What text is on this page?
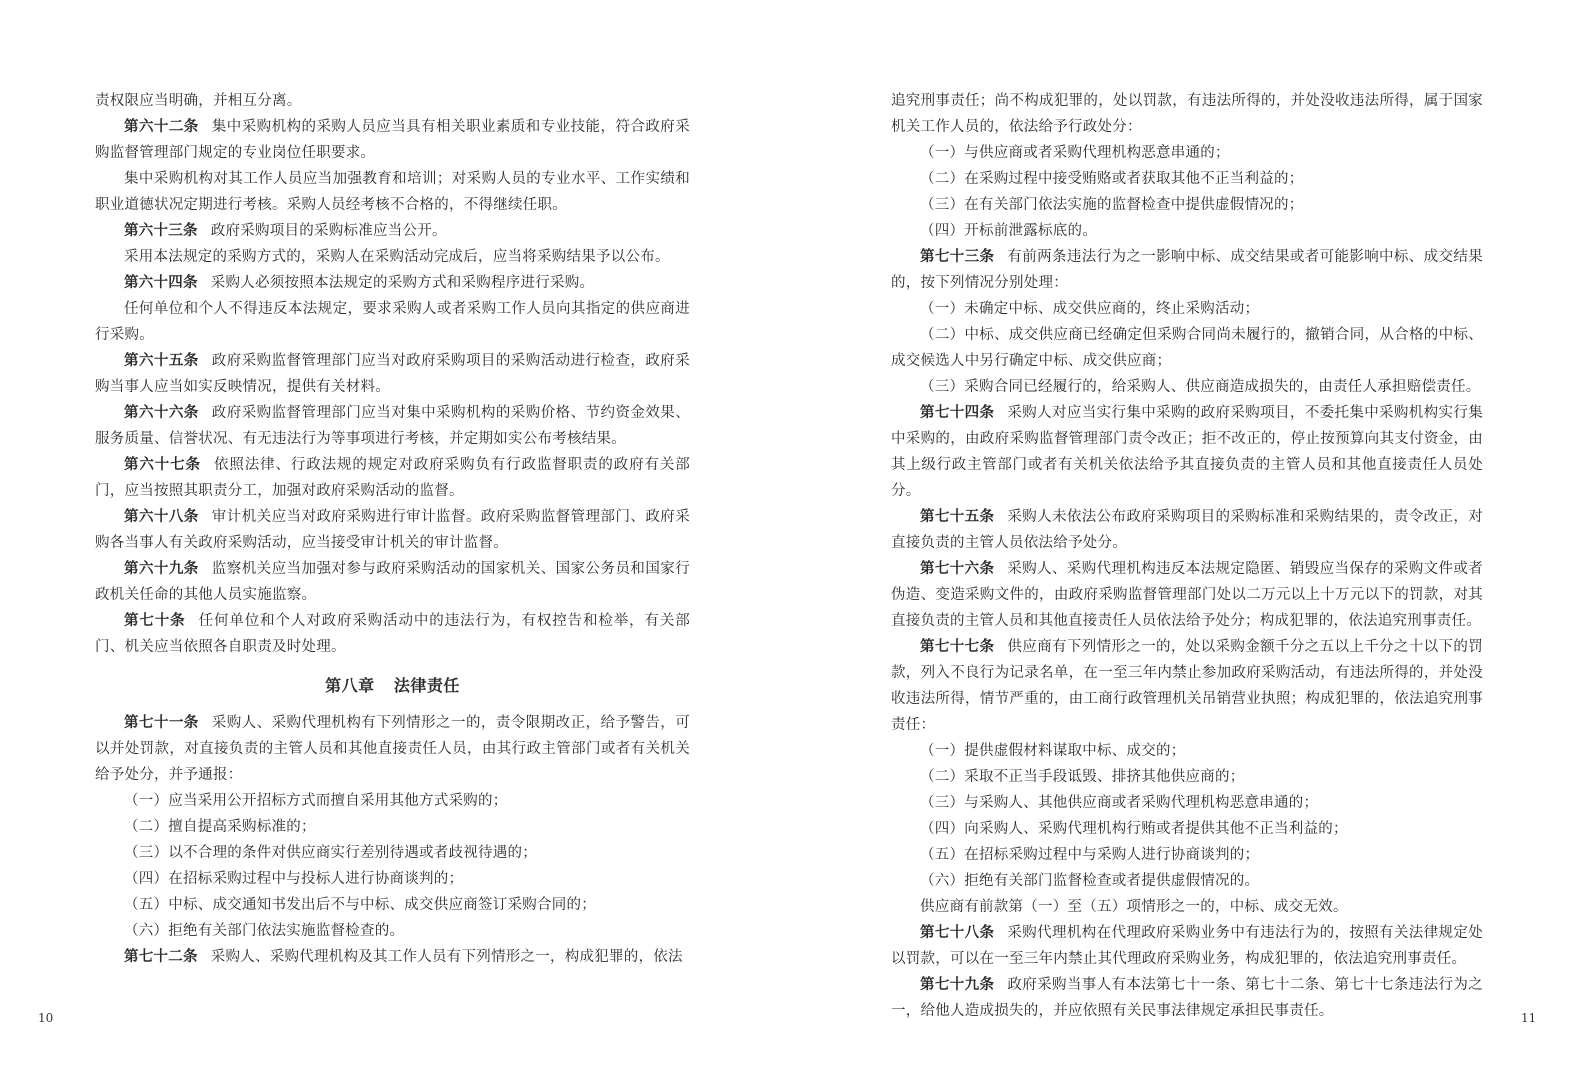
责权限应当明确，并相互分离。

第六十二条 集中采购机构的采购人员应当具有相关职业素质和专业技能，符合政府采购监督管理部门规定的专业岗位任职要求。

集中采购机构对其工作人员应当加强教育和培训；对采购人员的专业水平、工作实绩和职业道德状况定期进行考核。采购人员经考核不合格的，不得继续任职。

第六十三条 政府采购项目的采购标准应当公开。

采用本法规定的采购方式的，采购人在采购活动完成后，应当将采购结果予以公布。

第六十四条 采购人必须按照本法规定的采购方式和采购程序进行采购。

任何单位和个人不得违反本法规定，要求采购人或者采购工作人员向其指定的供应商进行采购。

第六十五条 政府采购监督管理部门应当对政府采购项目的采购活动进行检查，政府采购当事人应当如实反映情况，提供有关材料。

第六十六条 政府采购监督管理部门应当对集中采购机构的采购价格、节约资金效果、服务质量、信誉状况、有无违法行为等事项进行考核，并定期如实公布考核结果。

第六十七条 依照法律、行政法规的规定对政府采购负有行政监督职责的政府有关部门，应当按照其职责分工，加强对政府采购活动的监督。

第六十八条 审计机关应当对政府采购进行审计监督。政府采购监督管理部门、政府采购各当事人有关政府采购活动，应当接受审计机关的审计监督。

第六十九条 监察机关应当加强对参与政府采购活动的国家机关、国家公务员和国家行政机关任命的其他人员实施监察。

第七十条 任何单位和个人对政府采购活动中的违法行为，有权控告和检举，有关部门、机关应当依照各自职责及时处理。

第八章 法律责任

第七十一条 采购人、采购代理机构有下列情形之一的，责令限期改正，给予警告，可以并处罚款，对直接负责的主管人员和其他直接责任人员，由其行政主管部门或者有关机关给予处分，并予通报：

（一）应当采用公开招标方式而擅自采用其他方式采购的；

（二）擅自提高采购标准的；

（三）以不合理的条件对供应商实行差别待遇或者歧视待遇的；

（四）在招标采购过程中与投标人进行协商谈判的；

（五）中标、成交通知书发出后不与中标、成交供应商签订采购合同的；

（六）拒绝有关部门依法实施监督检查的。

第七十二条 采购人、采购代理机构及其工作人员有下列情形之一，构成犯罪的，依法

追究刑事责任；尚不构成犯罪的，处以罚款，有违法所得的，并处没收违法所得，属于国家机关工作人员的，依法给予行政处分：

（一）与供应商或者采购代理机构恶意串通的；

（二）在采购过程中接受贿赂或者获取其他不正当利益的；

（三）在有关部门依法实施的监督检查中提供虚假情况的；

（四）开标前泄露标底的。

第七十三条 有前两条违法行为之一影响中标、成交结果或者可能影响中标、成交结果的，按下列情况分别处理：

（一）未确定中标、成交供应商的，终止采购活动；

（二）中标、成交供应商已经确定但采购合同尚未履行的，撤销合同，从合格的中标、成交候选人中另行确定中标、成交供应商；

（三）采购合同已经履行的，给采购人、供应商造成损失的，由责任人承担赔偿责任。

第七十四条 采购人对应当实行集中采购的政府采购项目，不委托集中采购机构实行集中采购的，由政府采购监督管理部门责令改正；拒不改正的，停止按预算向其支付资金，由其上级行政主管部门或者有关机关依法给予其直接负责的主管人员和其他直接责任人员处分。

第七十五条 采购人未依法公布政府采购项目的采购标准和采购结果的，责令改正，对直接负责的主管人员依法给予处分。

第七十六条 采购人、采购代理机构违反本法规定隐匿、销毁应当保存的采购文件或者伪造、变造采购文件的，由政府采购监督管理部门处以二万元以上十万元以下的罚款，对其直接负责的主管人员和其他直接责任人员依法给予处分；构成犯罪的，依法追究刑事责任。

第七十七条 供应商有下列情形之一的，处以采购金额千分之五以上千分之十以下的罚款，列入不良行为记录名单，在一至三年内禁止参加政府采购活动，有违法所得的，并处没收违法所得，情节严重的，由工商行政管理机关吊销营业执照；构成犯罪的，依法追究刑事责任：

（一）提供虚假材料谋取中标、成交的；

（二）采取不正当手段诋毁、排挤其他供应商的；

（三）与采购人、其他供应商或者采购代理机构恶意串通的；

（四）向采购人、采购代理机构行贿或者提供其他不正当利益的；

（五）在招标采购过程中与采购人进行协商谈判的；

（六）拒绝有关部门监督检查或者提供虚假情况的。

供应商有前款第（一）至（五）项情形之一的，中标、成交无效。

第七十八条 采购代理机构在代理政府采购业务中有违法行为的，按照有关法律规定处以罚款，可以在一至三年内禁止其代理政府采购业务，构成犯罪的，依法追究刑事责任。

第七十九条 政府采购当事人有本法第七十一条、第七十二条、第七十七条违法行为之一，给他人造成损失的，并应依照有关民事法律规定承担民事责任。

10	11
